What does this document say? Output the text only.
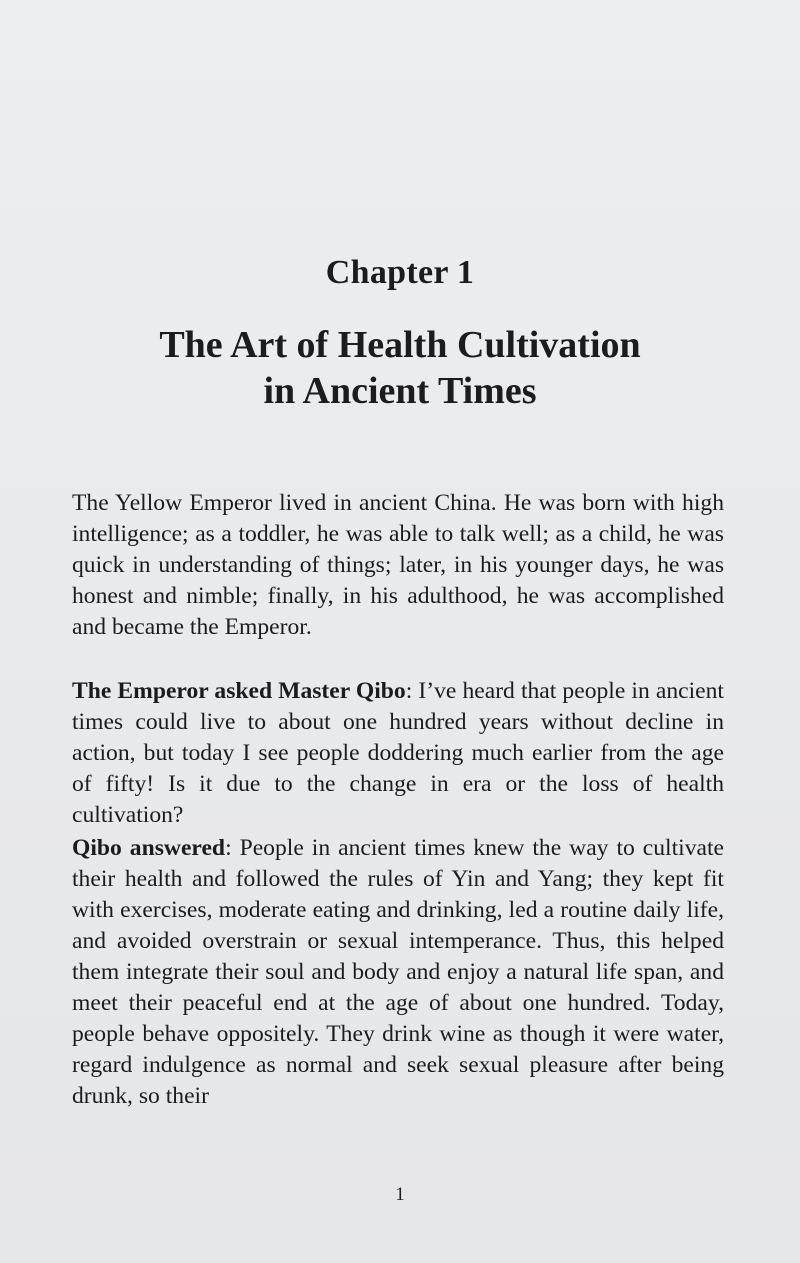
Chapter 1
The Art of Health Cultivation
in Ancient Times

The Yellow Emperor lived in ancient China. He was born with high intelligence; as a toddler, he was able to talk well; as a child, he was quick in understanding of things; later, in his younger days, he was honest and nimble; finally, in his adulthood, he was accomplished and became the Emperor.

The Emperor asked Master Qibo: I’ve heard that people in ancient times could live to about one hundred years without decline in action, but today I see people doddering much earlier from the age of fifty! Is it due to the change in era or the loss of health cultivation?

Qibo answered: People in ancient times knew the way to cultivate their health and followed the rules of Yin and Yang; they kept fit with exercises, moderate eating and drinking, led a routine daily life, and avoided overstrain or sexual intemperance. Thus, this helped them integrate their soul and body and enjoy a natural life span, and meet their peaceful end at the age of about one hundred. Today, people behave oppositely. They drink wine as though it were water, regard indulgence as normal and seek sexual pleasure after being drunk, so their

1
